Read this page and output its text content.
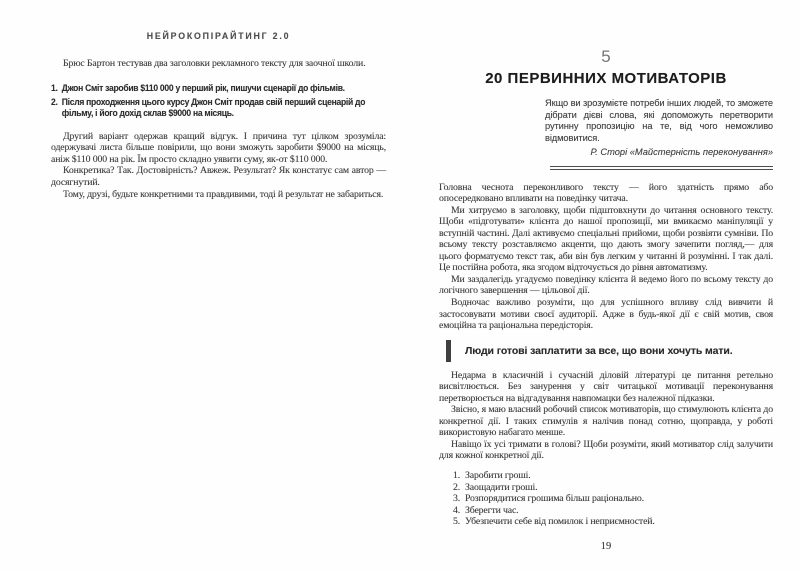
НЕЙРОКОПІРАЙТИНГ 2.0

Брюс Бартон тестував два заголовки рекламного тексту для заочної школи.

1. Джон Сміт заробив $110 000 у перший рік, пишучи сценарії до фільмів.
2. Після проходження цього курсу Джон Сміт продав свій перший сценарій до фільму, і його дохід склав $9000 на місяць.

Другий варіант одержав кращий відгук. І причина тут цілком зрозуміла: одержувачі листа більше повірили, що вони зможуть заробити $9000 на місяць, аніж $110 000 на рік. Їм просто складно уявити суму, як-от $110 000.

Конкретика? Так. Достовірність? Авжеж. Результат? Як констатує сам автор — досягнутий.

Тому, друзі, будьте конкретними та правдивими, тоді й результат не забариться.

5
20 ПЕРВИННИХ МОТИВАТОРІВ
Якщо ви зрозумієте потреби інших людей, то зможете дібрати дієві слова, які допоможуть перетворити рутинну пропозицію на те, від чого неможливо відмовитися.
Р. Сторі «Майстерність переконування»

Головна чеснота переконливого тексту — його здатність прямо або опосередковано впливати на поведінку читача.

Ми хитруємо в заголовку, щоби підштовхнути до читання основного тексту. Щоби «підготувати» клієнта до нашої пропозиції, ми вмикаємо маніпуляції у вступній частині. Далі активуємо спеціальні прийоми, щоби розвіяти сумніви. По всьому тексту розставляємо акценти, що дають змогу зачепити погляд,— для цього форматуємо текст так, аби він був легким у читанні й розумінні. І так далі. Це постійна робота, яка згодом відточується до рівня автоматизму.

Ми заздалегідь угадуємо поведінку клієнта й ведемо його по всьому тексту до логічного завершення — цільової дії.

Водночас важливо розуміти, що для успішного впливу слід вивчити й застосовувати мотиви своєї аудиторії. Адже в будь-якої дії є свій мотив, своя емоційна та раціональна передісторія.

Люди готові заплатити за все, що вони хочуть мати.

Недарма в класичній і сучасній діловій літературі це питання ретельно висвітлюється. Без занурення у світ читацької мотивації переконування перетворюється на відгадування навпомацки без належної підказки.

Звісно, я маю власний робочий список мотиваторів, що стимулюють клієнта до конкретної дії. І таких стимулів я налічив понад сотню, щоправда, у роботі використовую набагато менше.

Навіщо їх усі тримати в голові? Щоби розуміти, який мотиватор слід залучити для кожної конкретної дії.

1. Заробити гроші.
2. Заощадити гроші.
3. Розпорядитися грошима більш раціонально.
4. Зберегти час.
5. Убезпечити себе від помилок і неприємностей.
19
